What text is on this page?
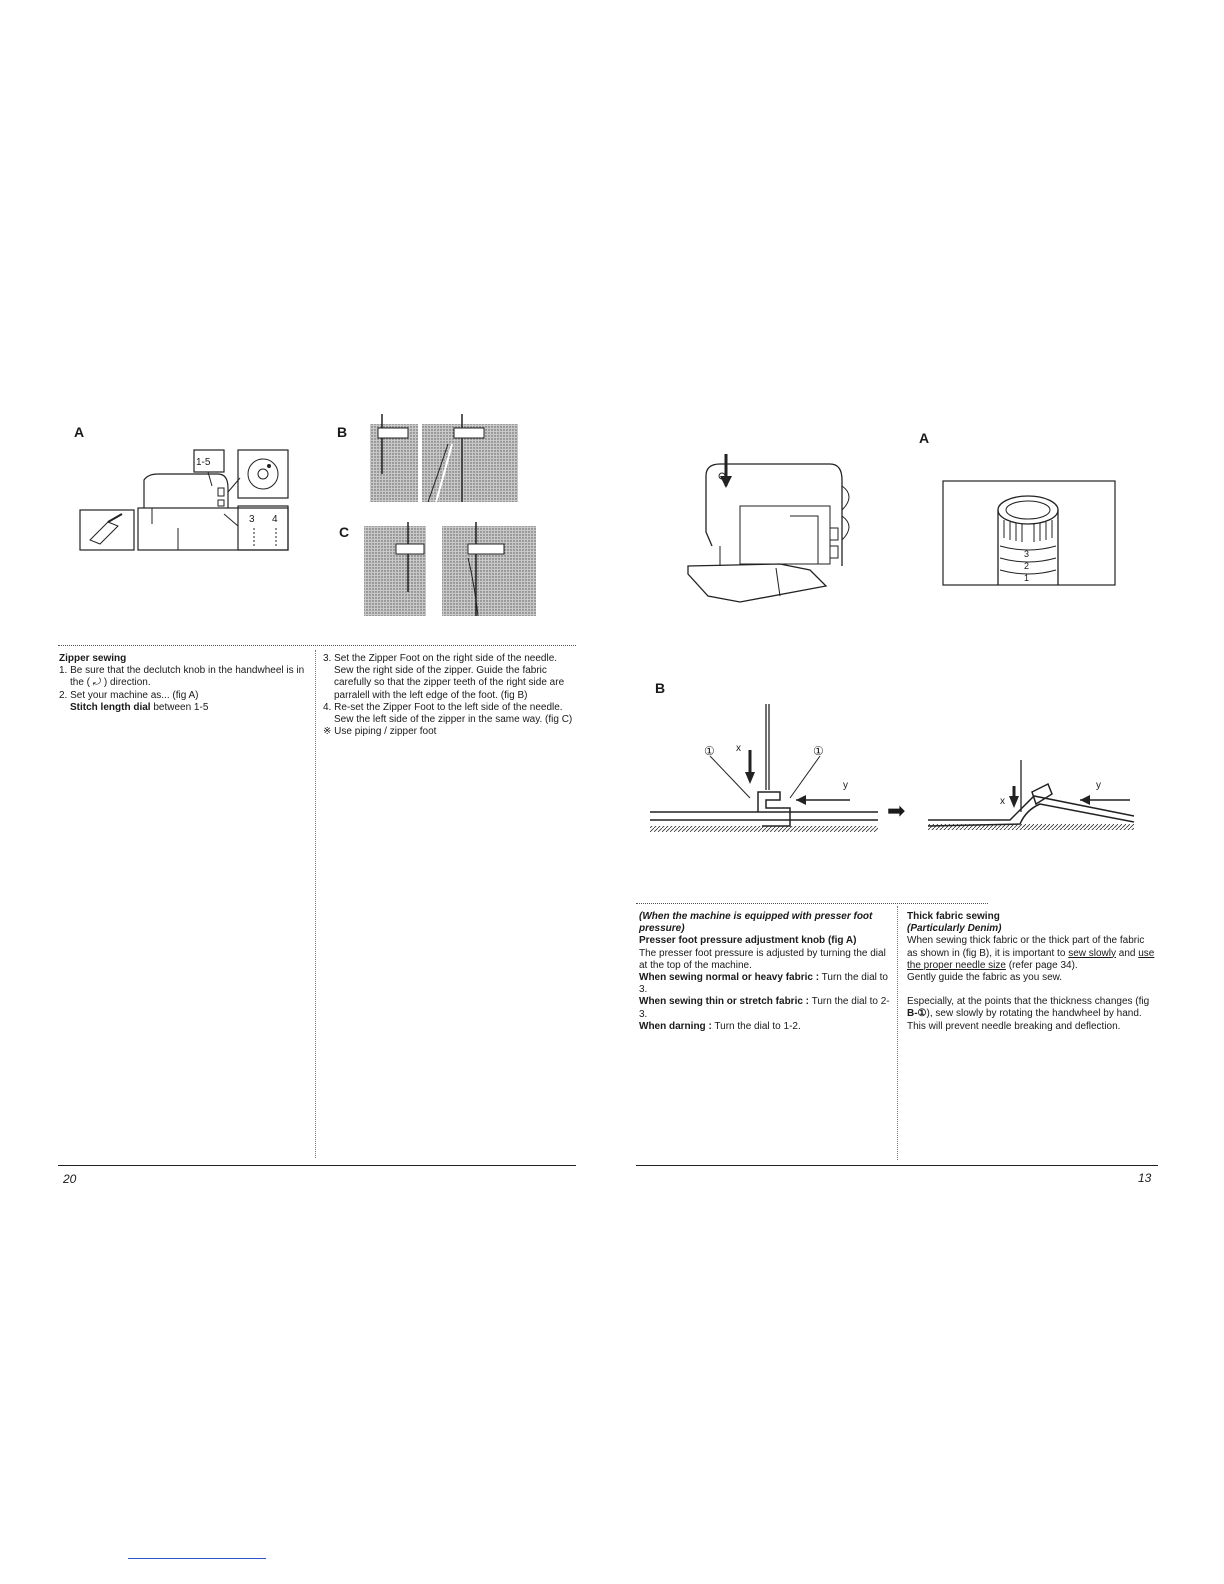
A	B
C
1-5
3 4

Zipper sewing

1. Be sure that the declutch knob in the handwheel is in the ( ⤾ ) direction.

2. Set your machine as... (fig A)

Stitch length dial between 1-5

3. Set the Zipper Foot on the right side of the needle.

Sew the right side of the zipper. Guide the fabric carefully so that the zipper teeth of the right side are parralell with the left edge of the foot. (fig B)

4. Re-set the Zipper Foot to the left side of the needle.

Sew the left side of the zipper in the same way. (fig C)

※ Use piping / zipper foot

20
A
B
3
2
1
①	①
x
y
➡	x
y

(When the machine is equipped with presser foot pressure)

Presser foot pressure adjustment knob (fig A)

The presser foot pressure is adjusted by turning the dial at the top of the machine.

When sewing normal or heavy fabric : Turn the dial to 3.

When sewing thin or stretch fabric : Turn the dial to 2-3.

When darning : Turn the dial to 1-2.

Thick fabric sewing

(Particularly Denim)

When sewing thick fabric or the thick part of the fabric as shown in (fig B), it is important to sew slowly and use the proper needle size (refer page 34).

Gently guide the fabric as you sew.

Especially, at the points that the thickness changes (fig B-①), sew slowly by rotating the handwheel by hand. This will prevent needle breaking and deflection.

13
